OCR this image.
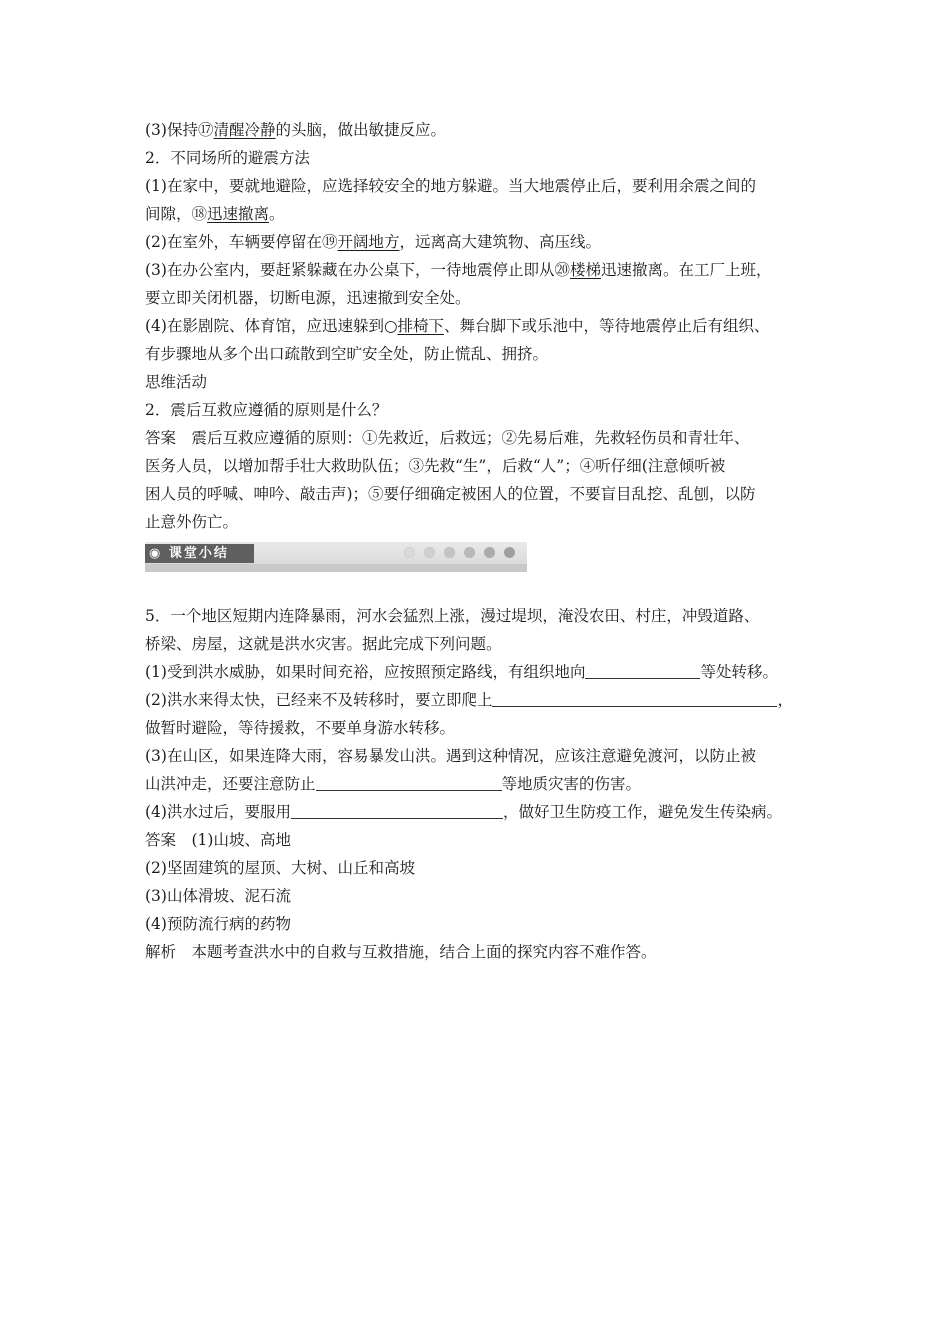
(3)保持⑰清醒冷静的头脑，做出敏捷反应。
2．不同场所的避震方法
(1)在家中，要就地避险，应选择较安全的地方躲避。当大地震停止后，要利用余震之间的
间隙，⑱迅速撤离。
(2)在室外，车辆要停留在⑲开阔地方，远离高大建筑物、高压线。
(3)在办公室内，要赶紧躲藏在办公桌下，一待地震停止即从⑳楼梯迅速撤离。在工厂上班，
要立即关闭机器，切断电源，迅速撤到安全处。
(4)在影剧院、体育馆，应迅速躲到○排椅下、舞台脚下或乐池中，等待地震停止后有组织、
有步骤地从多个出口疏散到空旷安全处，防止慌乱、拥挤。
思维活动
2．震后互救应遵循的原则是什么？
答案　震后互救应遵循的原则：①先救近，后救远；②先易后难，先救轻伤员和青壮年、
医务人员，以增加帮手壮大救助队伍；③先救“生”，后救“人”；④听仔细(注意倾听被
困人员的呼喊、呻吟、敲击声)；⑤要仔细确定被困人的位置，不要盲目乱挖、乱刨，以防
止意外伤亡。
◉ 课堂小结
5．一个地区短期内连降暴雨，河水会猛烈上涨，漫过堤坝，淹没农田、村庄，冲毁道路、
桥梁、房屋，这就是洪水灾害。据此完成下列问题。
(1)受到洪水威胁，如果时间充裕，应按照预定路线，有组织地向	等处转移。
(2)洪水来得太快，已经来不及转移时，要立即爬上	，
做暂时避险，等待援救，不要单身游水转移。
(3)在山区，如果连降大雨，容易暴发山洪。遇到这种情况，应该注意避免渡河，以防止被
山洪冲走，还要注意防止	等地质灾害的伤害。
(4)洪水过后，要服用	，做好卫生防疫工作，避免发生传染病。
答案　(1)山坡、高地
(2)坚固建筑的屋顶、大树、山丘和高坡
(3)山体滑坡、泥石流
(4)预防流行病的药物
解析　本题考查洪水中的自救与互救措施，结合上面的探究内容不难作答。
